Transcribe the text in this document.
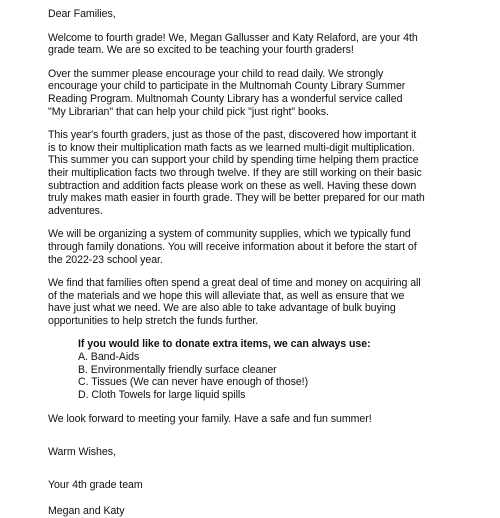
Dear Families,
Welcome to fourth grade! We, Megan Gallusser and Katy Relaford, are your 4th
grade team. We are so excited to be teaching your fourth graders!
Over the summer please encourage your child to read daily. We strongly
encourage your child to participate in the Multnomah County Library Summer
Reading Program. Multnomah County Library has a wonderful service called
"My Librarian" that can help your child pick "just right" books.
This year's fourth graders, just as those of the past, discovered how important it
is to know their multiplication math facts as we learned multi-digit multiplication.
This summer you can support your child by spending time helping them practice
their multiplication facts two through twelve. If they are still working on their basic
subtraction and addition facts please work on these as well. Having these down
truly makes math easier in fourth grade. They will be better prepared for our math
adventures.
We will be organizing a system of community supplies, which we typically fund
through family donations. You will receive information about it before the start of
the 2022-23 school year.
We find that families often spend a great deal of time and money on acquiring all
of the materials and we hope this will alleviate that, as well as ensure that we
have just what we need. We are also able to take advantage of bulk buying
opportunities to help stretch the funds further.
If you would like to donate extra items, we can always use:
A. Band-Aids
B. Environmentally friendly surface cleaner
C. Tissues (We can never have enough of those!)
D. Cloth Towels for large liquid spills
We look forward to meeting your family. Have a safe and fun summer!
Warm Wishes,
Your 4th grade team
Megan and Katy
